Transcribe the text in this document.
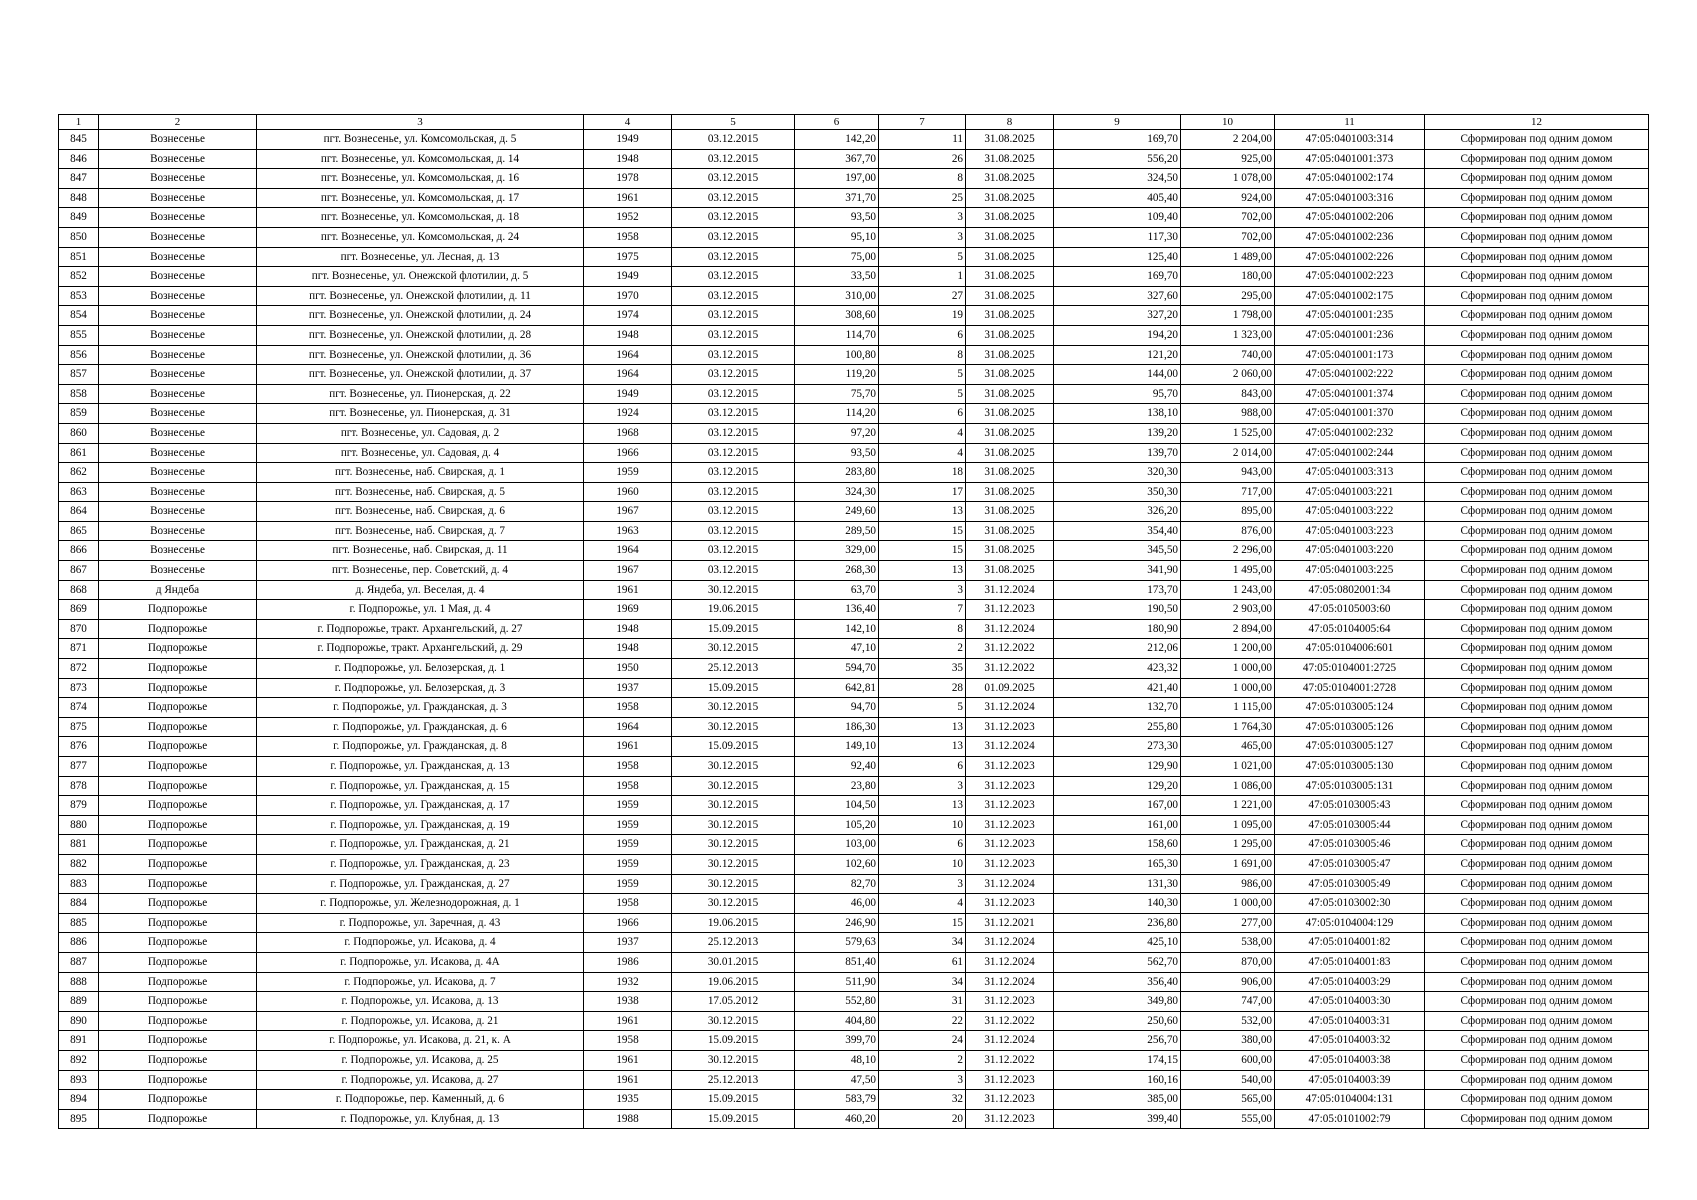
1	2	3	4	5	6	7	8	9	10	11	12
845	Вознесенье	пгт. Вознесенье, ул. Комсомольская, д. 5	1949	03.12.2015	142,20	11	31.08.2025	169,70	2 204,00	47:05:0401003:314	Сформирован под одним домом
846	Вознесенье	пгт. Вознесенье, ул. Комсомольская, д. 14	1948	03.12.2015	367,70	26	31.08.2025	556,20	925,00	47:05:0401001:373	Сформирован под одним домом
847	Вознесенье	пгт. Вознесенье, ул. Комсомольская, д. 16	1978	03.12.2015	197,00	8	31.08.2025	324,50	1 078,00	47:05:0401002:174	Сформирован под одним домом
848	Вознесенье	пгт. Вознесенье, ул. Комсомольская, д. 17	1961	03.12.2015	371,70	25	31.08.2025	405,40	924,00	47:05:0401003:316	Сформирован под одним домом
849	Вознесенье	пгт. Вознесенье, ул. Комсомольская, д. 18	1952	03.12.2015	93,50	3	31.08.2025	109,40	702,00	47:05:0401002:206	Сформирован под одним домом
850	Вознесенье	пгт. Вознесенье, ул. Комсомольская, д. 24	1958	03.12.2015	95,10	3	31.08.2025	117,30	702,00	47:05:0401002:236	Сформирован под одним домом
851	Вознесенье	пгт. Вознесенье, ул. Лесная, д. 13	1975	03.12.2015	75,00	5	31.08.2025	125,40	1 489,00	47:05:0401002:226	Сформирован под одним домом
852	Вознесенье	пгт. Вознесенье, ул. Онежской флотилии, д. 5	1949	03.12.2015	33,50	1	31.08.2025	169,70	180,00	47:05:0401002:223	Сформирован под одним домом
853	Вознесенье	пгт. Вознесенье, ул. Онежской флотилии, д. 11	1970	03.12.2015	310,00	27	31.08.2025	327,60	295,00	47:05:0401002:175	Сформирован под одним домом
854	Вознесенье	пгт. Вознесенье, ул. Онежской флотилии, д. 24	1974	03.12.2015	308,60	19	31.08.2025	327,20	1 798,00	47:05:0401001:235	Сформирован под одним домом
855	Вознесенье	пгт. Вознесенье, ул. Онежской флотилии, д. 28	1948	03.12.2015	114,70	6	31.08.2025	194,20	1 323,00	47:05:0401001:236	Сформирован под одним домом
856	Вознесенье	пгт. Вознесенье, ул. Онежской флотилии, д. 36	1964	03.12.2015	100,80	8	31.08.2025	121,20	740,00	47:05:0401001:173	Сформирован под одним домом
857	Вознесенье	пгт. Вознесенье, ул. Онежской флотилии, д. 37	1964	03.12.2015	119,20	5	31.08.2025	144,00	2 060,00	47:05:0401002:222	Сформирован под одним домом
858	Вознесенье	пгт. Вознесенье, ул. Пионерская, д. 22	1949	03.12.2015	75,70	5	31.08.2025	95,70	843,00	47:05:0401001:374	Сформирован под одним домом
859	Вознесенье	пгт. Вознесенье, ул. Пионерская, д. 31	1924	03.12.2015	114,20	6	31.08.2025	138,10	988,00	47:05:0401001:370	Сформирован под одним домом
860	Вознесенье	пгт. Вознесенье, ул. Садовая, д. 2	1968	03.12.2015	97,20	4	31.08.2025	139,20	1 525,00	47:05:0401002:232	Сформирован под одним домом
861	Вознесенье	пгт. Вознесенье, ул. Садовая, д. 4	1966	03.12.2015	93,50	4	31.08.2025	139,70	2 014,00	47:05:0401002:244	Сформирован под одним домом
862	Вознесенье	пгт. Вознесенье, наб. Свирская, д. 1	1959	03.12.2015	283,80	18	31.08.2025	320,30	943,00	47:05:0401003:313	Сформирован под одним домом
863	Вознесенье	пгт. Вознесенье, наб. Свирская, д. 5	1960	03.12.2015	324,30	17	31.08.2025	350,30	717,00	47:05:0401003:221	Сформирован под одним домом
864	Вознесенье	пгт. Вознесенье, наб. Свирская, д. 6	1967	03.12.2015	249,60	13	31.08.2025	326,20	895,00	47:05:0401003:222	Сформирован под одним домом
865	Вознесенье	пгт. Вознесенье, наб. Свирская, д. 7	1963	03.12.2015	289,50	15	31.08.2025	354,40	876,00	47:05:0401003:223	Сформирован под одним домом
866	Вознесенье	пгт. Вознесенье, наб. Свирская, д. 11	1964	03.12.2015	329,00	15	31.08.2025	345,50	2 296,00	47:05:0401003:220	Сформирован под одним домом
867	Вознесенье	пгт. Вознесенье, пер. Советский, д. 4	1967	03.12.2015	268,30	13	31.08.2025	341,90	1 495,00	47:05:0401003:225	Сформирован под одним домом
868	д Яндеба	д. Яндеба, ул. Веселая, д. 4	1961	30.12.2015	63,70	3	31.12.2024	173,70	1 243,00	47:05:0802001:34	Сформирован под одним домом
869	Подпорожье	г. Подпорожье, ул. 1 Мая, д. 4	1969	19.06.2015	136,40	7	31.12.2023	190,50	2 903,00	47:05:0105003:60	Сформирован под одним домом
870	Подпорожье	г. Подпорожье, тракт. Архангельский, д. 27	1948	15.09.2015	142,10	8	31.12.2024	180,90	2 894,00	47:05:0104005:64	Сформирован под одним домом
871	Подпорожье	г. Подпорожье, тракт. Архангельский, д. 29	1948	30.12.2015	47,10	2	31.12.2022	212,06	1 200,00	47:05:0104006:601	Сформирован под одним домом
872	Подпорожье	г. Подпорожье, ул. Белозерская, д. 1	1950	25.12.2013	594,70	35	31.12.2022	423,32	1 000,00	47:05:0104001:2725	Сформирован под одним домом
873	Подпорожье	г. Подпорожье, ул. Белозерская, д. 3	1937	15.09.2015	642,81	28	01.09.2025	421,40	1 000,00	47:05:0104001:2728	Сформирован под одним домом
874	Подпорожье	г. Подпорожье, ул. Гражданская, д. 3	1958	30.12.2015	94,70	5	31.12.2024	132,70	1 115,00	47:05:0103005:124	Сформирован под одним домом
875	Подпорожье	г. Подпорожье, ул. Гражданская, д. 6	1964	30.12.2015	186,30	13	31.12.2023	255,80	1 764,30	47:05:0103005:126	Сформирован под одним домом
876	Подпорожье	г. Подпорожье, ул. Гражданская, д. 8	1961	15.09.2015	149,10	13	31.12.2024	273,30	465,00	47:05:0103005:127	Сформирован под одним домом
877	Подпорожье	г. Подпорожье, ул. Гражданская, д. 13	1958	30.12.2015	92,40	6	31.12.2023	129,90	1 021,00	47:05:0103005:130	Сформирован под одним домом
878	Подпорожье	г. Подпорожье, ул. Гражданская, д. 15	1958	30.12.2015	23,80	3	31.12.2023	129,20	1 086,00	47:05:0103005:131	Сформирован под одним домом
879	Подпорожье	г. Подпорожье, ул. Гражданская, д. 17	1959	30.12.2015	104,50	13	31.12.2023	167,00	1 221,00	47:05:0103005:43	Сформирован под одним домом
880	Подпорожье	г. Подпорожье, ул. Гражданская, д. 19	1959	30.12.2015	105,20	10	31.12.2023	161,00	1 095,00	47:05:0103005:44	Сформирован под одним домом
881	Подпорожье	г. Подпорожье, ул. Гражданская, д. 21	1959	30.12.2015	103,00	6	31.12.2023	158,60	1 295,00	47:05:0103005:46	Сформирован под одним домом
882	Подпорожье	г. Подпорожье, ул. Гражданская, д. 23	1959	30.12.2015	102,60	10	31.12.2023	165,30	1 691,00	47:05:0103005:47	Сформирован под одним домом
883	Подпорожье	г. Подпорожье, ул. Гражданская, д. 27	1959	30.12.2015	82,70	3	31.12.2024	131,30	986,00	47:05:0103005:49	Сформирован под одним домом
884	Подпорожье	г. Подпорожье, ул. Железнодорожная, д. 1	1958	30.12.2015	46,00	4	31.12.2023	140,30	1 000,00	47:05:0103002:30	Сформирован под одним домом
885	Подпорожье	г. Подпорожье, ул. Заречная, д. 43	1966	19.06.2015	246,90	15	31.12.2021	236,80	277,00	47:05:0104004:129	Сформирован под одним домом
886	Подпорожье	г. Подпорожье, ул. Исакова, д. 4	1937	25.12.2013	579,63	34	31.12.2024	425,10	538,00	47:05:0104001:82	Сформирован под одним домом
887	Подпорожье	г. Подпорожье, ул. Исакова, д. 4А	1986	30.01.2015	851,40	61	31.12.2024	562,70	870,00	47:05:0104001:83	Сформирован под одним домом
888	Подпорожье	г. Подпорожье, ул. Исакова, д. 7	1932	19.06.2015	511,90	34	31.12.2024	356,40	906,00	47:05:0104003:29	Сформирован под одним домом
889	Подпорожье	г. Подпорожье, ул. Исакова, д. 13	1938	17.05.2012	552,80	31	31.12.2023	349,80	747,00	47:05:0104003:30	Сформирован под одним домом
890	Подпорожье	г. Подпорожье, ул. Исакова, д. 21	1961	30.12.2015	404,80	22	31.12.2022	250,60	532,00	47:05:0104003:31	Сформирован под одним домом
891	Подпорожье	г. Подпорожье, ул. Исакова, д. 21, к. А	1958	15.09.2015	399,70	24	31.12.2024	256,70	380,00	47:05:0104003:32	Сформирован под одним домом
892	Подпорожье	г. Подпорожье, ул. Исакова, д. 25	1961	30.12.2015	48,10	2	31.12.2022	174,15	600,00	47:05:0104003:38	Сформирован под одним домом
893	Подпорожье	г. Подпорожье, ул. Исакова, д. 27	1961	25.12.2013	47,50	3	31.12.2023	160,16	540,00	47:05:0104003:39	Сформирован под одним домом
894	Подпорожье	г. Подпорожье, пер. Каменный, д. 6	1935	15.09.2015	583,79	32	31.12.2023	385,00	565,00	47:05:0104004:131	Сформирован под одним домом
895	Подпорожье	г. Подпорожье, ул. Клубная, д. 13	1988	15.09.2015	460,20	20	31.12.2023	399,40	555,00	47:05:0101002:79	Сформирован под одним домом
